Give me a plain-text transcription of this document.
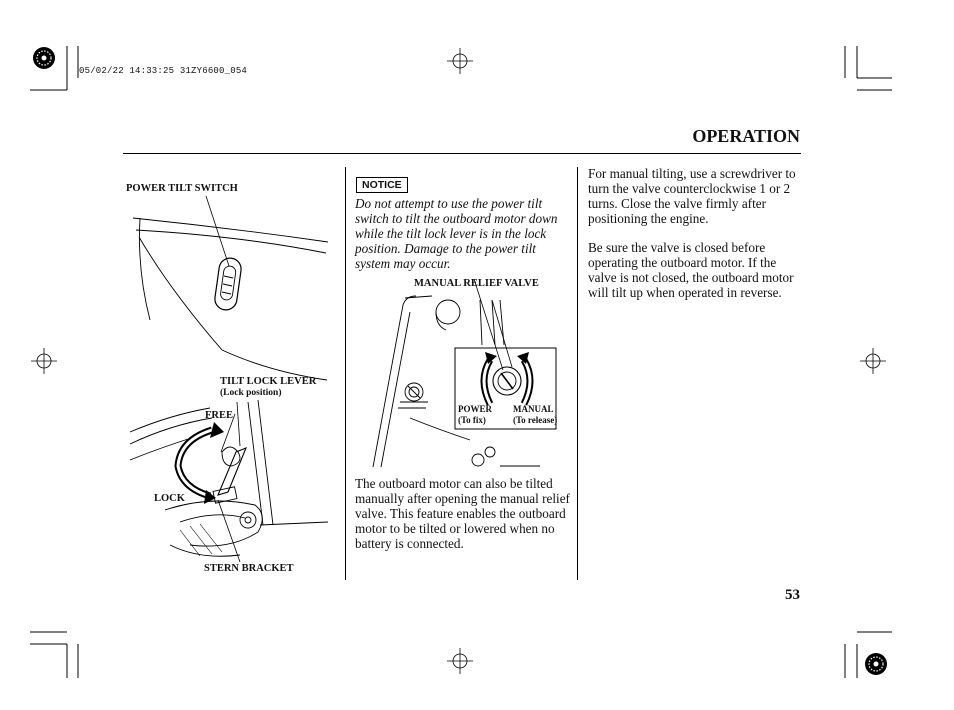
05/02/22 14:33:25 31ZY6600_054
OPERATION
POWER TILT SWITCH
TILT LOCK LEVER
(Lock position)
FREE
LOCK
STERN BRACKET
NOTICE
Do not attempt to use the power tilt switch to tilt the outboard motor down while the tilt lock lever is in the lock position. Damage to the power tilt system may occur.
MANUAL RELIEF VALVE
POWER
(To fix)
MANUAL
(To release)
The outboard motor can also be tilted manually after opening the manual relief valve. This feature enables the outboard motor to be tilted or lowered when no battery is connected.
For manual tilting, use a screwdriver to turn the valve counterclockwise 1 or 2 turns. Close the valve firmly after positioning the engine.
Be sure the valve is closed before operating the outboard motor. If the valve is not closed, the outboard motor will tilt up when operated in reverse.
53
